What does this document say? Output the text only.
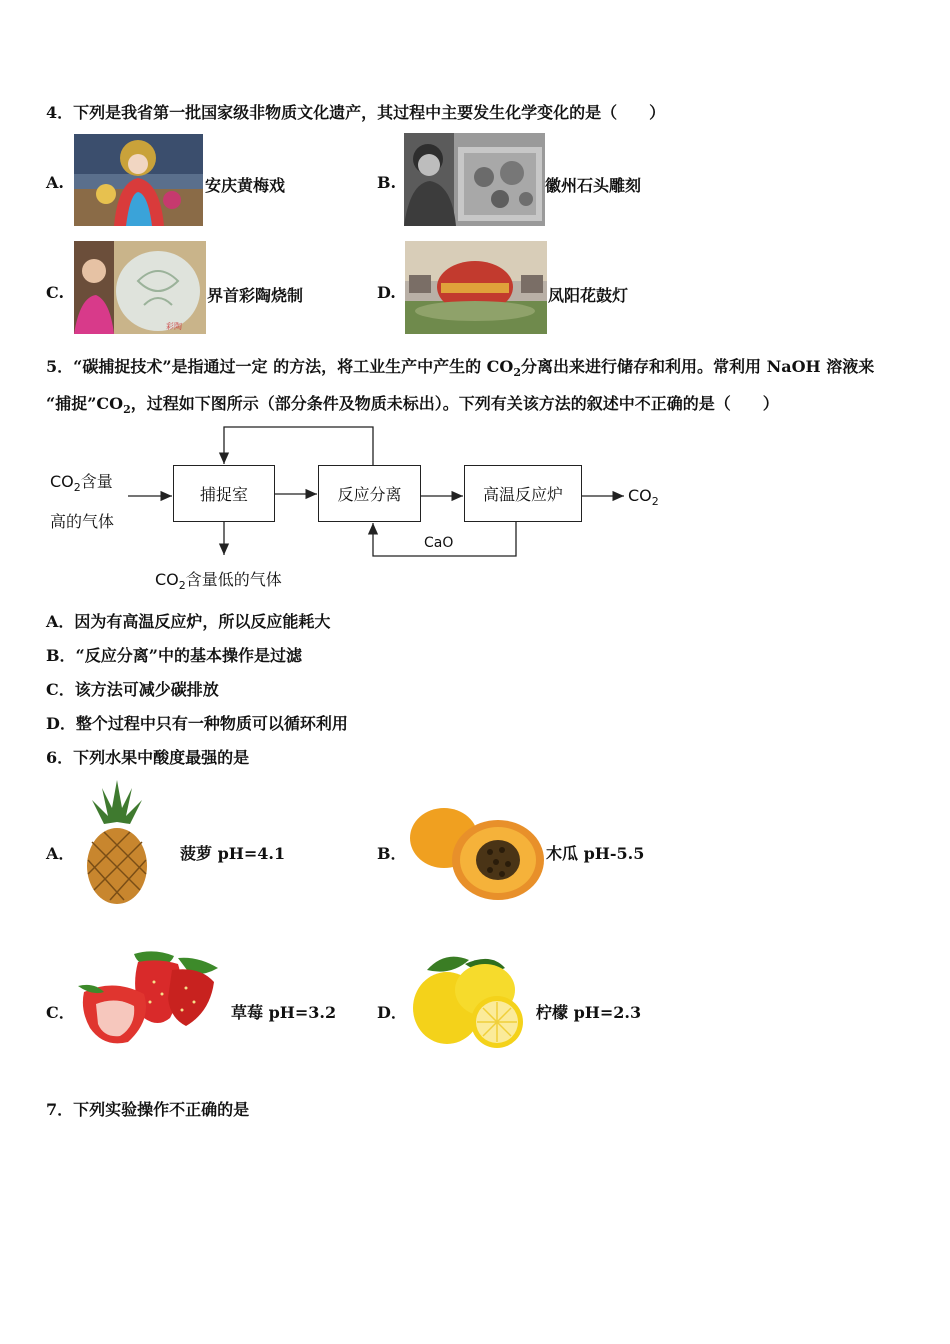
4．下列是我省第一批国家级非物质文化遗产，其过程中主要发生化学变化的是（　　）
A.	安庆黄梅戏	B.	徽州石头雕刻
C.
彩陶
界首彩陶烧制	D.	凤阳花鼓灯
5．“碳捕捉技术”是指通过一定 的方法，将工业生产中产生的 $CO_2$分离出来进行储存和利用。常利用 NaOH 溶液来
“捕捉$”CO_2$，过程如下图所示（部分条件及物质未标出）。下列有关该方法的叙述中不正确的是（　　）
$CO_2$含量
高的气体
捕捉室	反应分离	高温反应炉	$CO_2$
CaO
$CO_2$含量低的气体
A．因为有高温反应炉，所以反应能耗大
B．“反应分离”中的基本操作是过滤
C．该方法可减少碳排放
D．整个过程中只有一种物质可以循环利用
6．下列水果中酸度最强的是
A．	菠萝 pH=4.1	B．	木瓜 pH-5.5
C．	草莓 pH=3.2	D．	柠檬 pH=2.3
7．下列实验操作不正确的是
